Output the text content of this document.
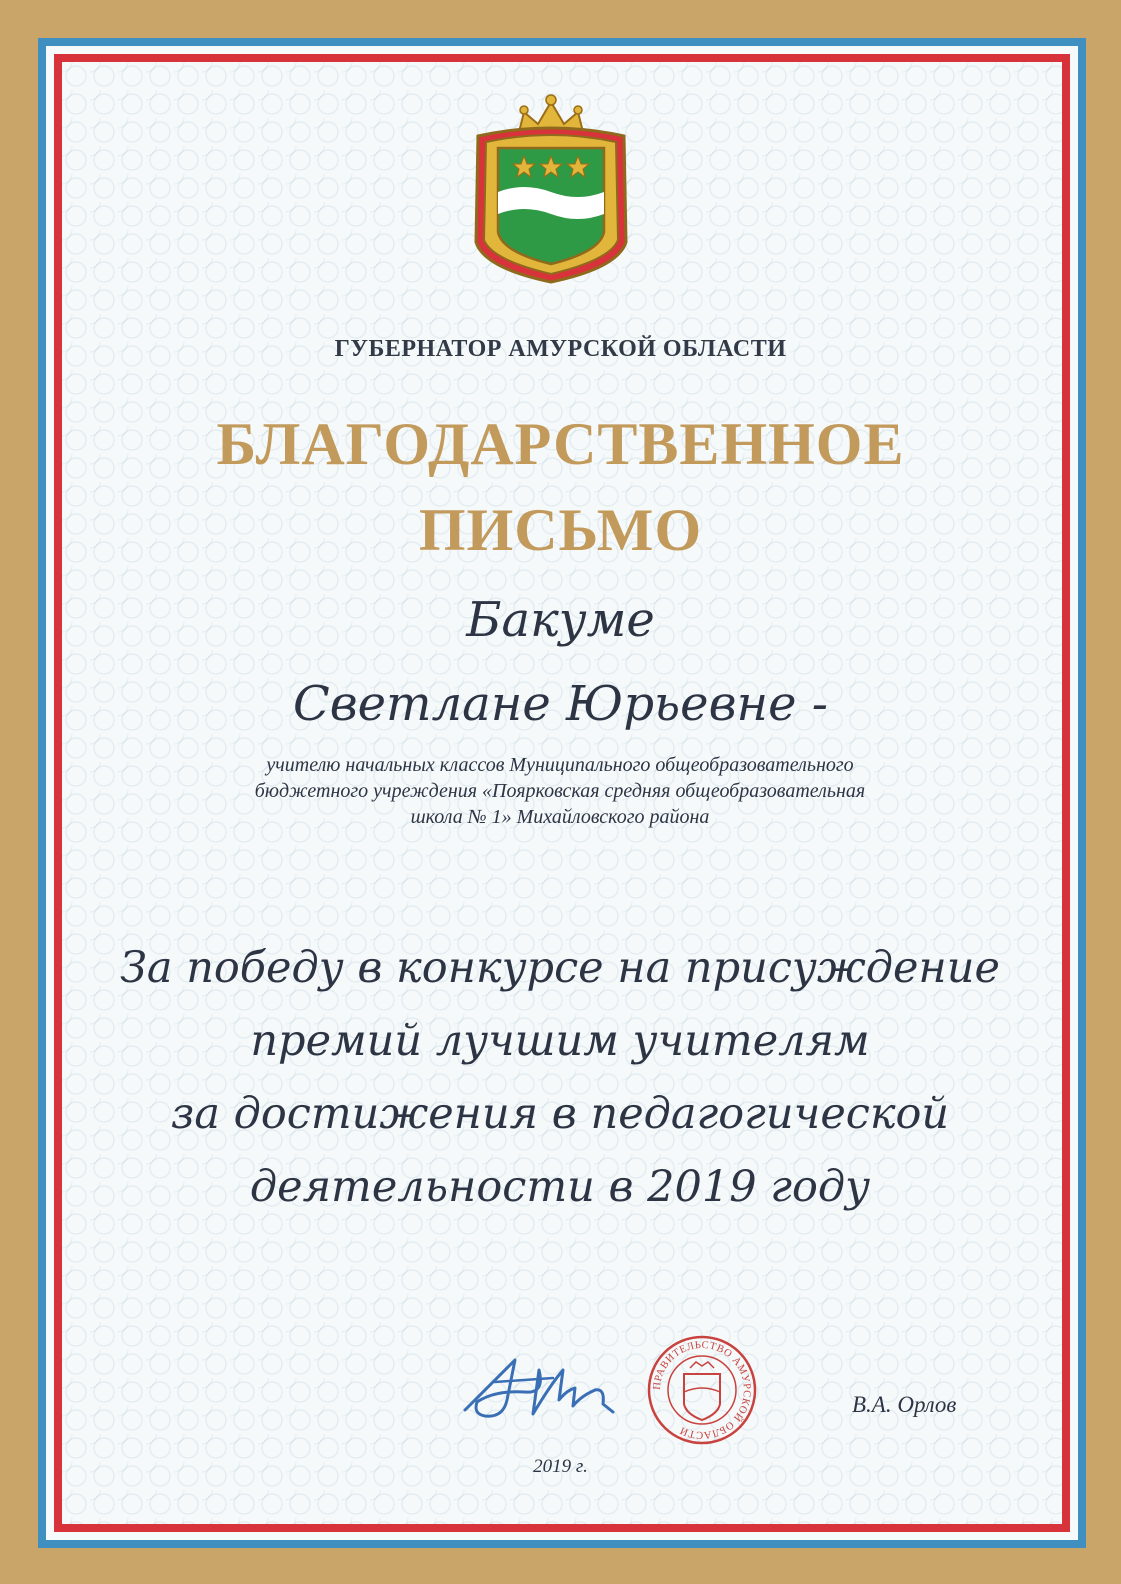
ГУБЕРНАТОР АМУРСКОЙ ОБЛАСТИ
БЛАГОДАРСТВЕННОЕ
ПИСЬМО
Бакуме
Светлане Юрьевне -
учителю начальных классов Муниципального общеобразовательного
бюджетного учреждения «Поярковская средняя общеобразовательная
школа № 1» Михайловского района
За победу в конкурсе на присуждение
премий лучшим учителям
за достижения в педагогической
деятельности в 2019 году
ПРАВИТЕЛЬСТВО АМУРСКОЙ ОБЛАСТИ
В.А. Орлов
2019 г.
